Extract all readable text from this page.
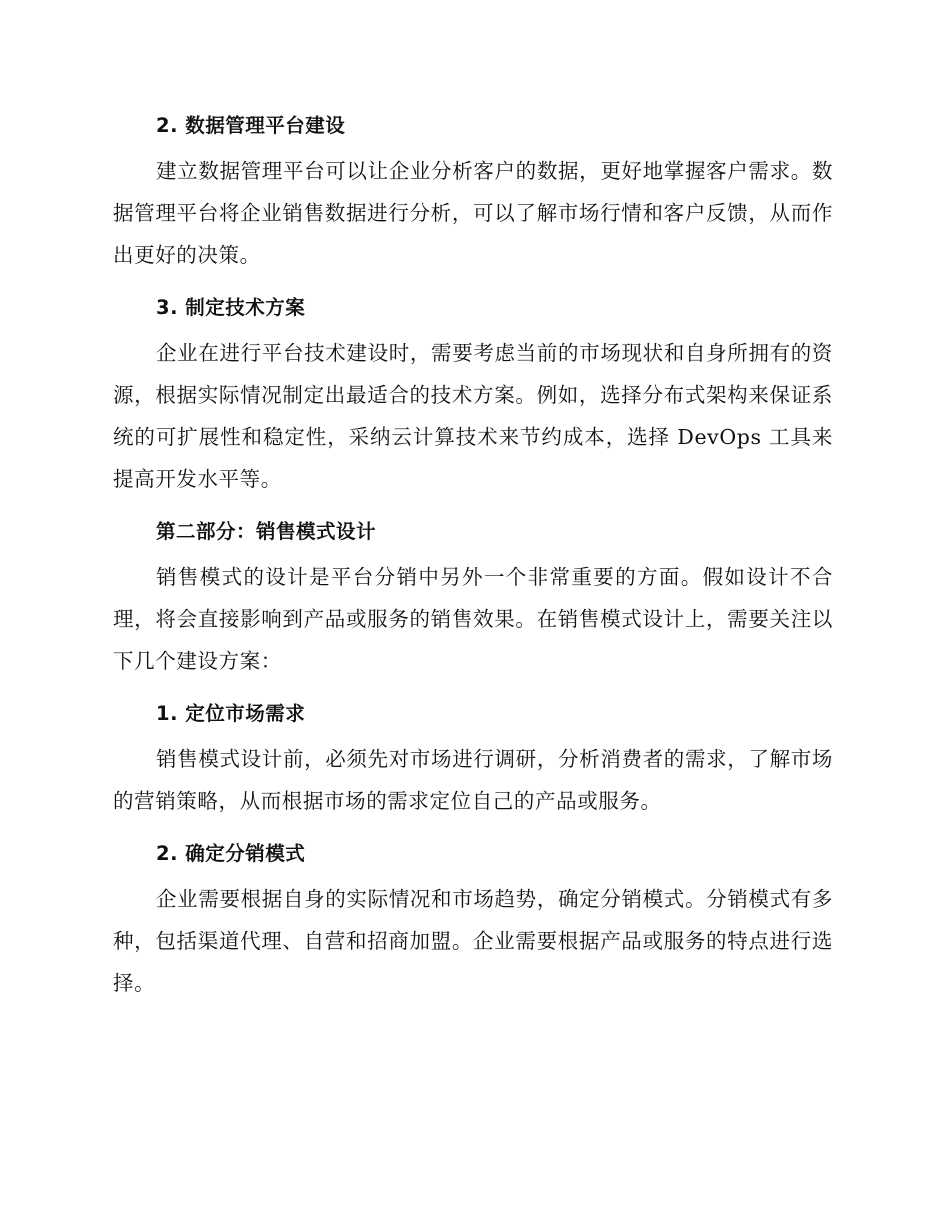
2. 数据管理平台建设

建立数据管理平台可以让企业分析客户的数据，更好地掌握客户需求。数据管理平台将企业销售数据进行分析，可以了解市场行情和客户反馈，从而作出更好的决策。

3. 制定技术方案

企业在进行平台技术建设时，需要考虑当前的市场现状和自身所拥有的资源，根据实际情况制定出最适合的技术方案。例如，选择分布式架构来保证系统的可扩展性和稳定性，采纳云计算技术来节约成本，选择 DevOps 工具来提高开发水平等。

第二部分：销售模式设计

销售模式的设计是平台分销中另外一个非常重要的方面。假如设计不合理，将会直接影响到产品或服务的销售效果。在销售模式设计上，需要关注以下几个建设方案：

1. 定位市场需求

销售模式设计前，必须先对市场进行调研，分析消费者的需求，了解市场的营销策略，从而根据市场的需求定位自己的产品或服务。

2. 确定分销模式

企业需要根据自身的实际情况和市场趋势，确定分销模式。分销模式有多种，包括渠道代理、自营和招商加盟。企业需要根据产品或服务的特点进行选择。
